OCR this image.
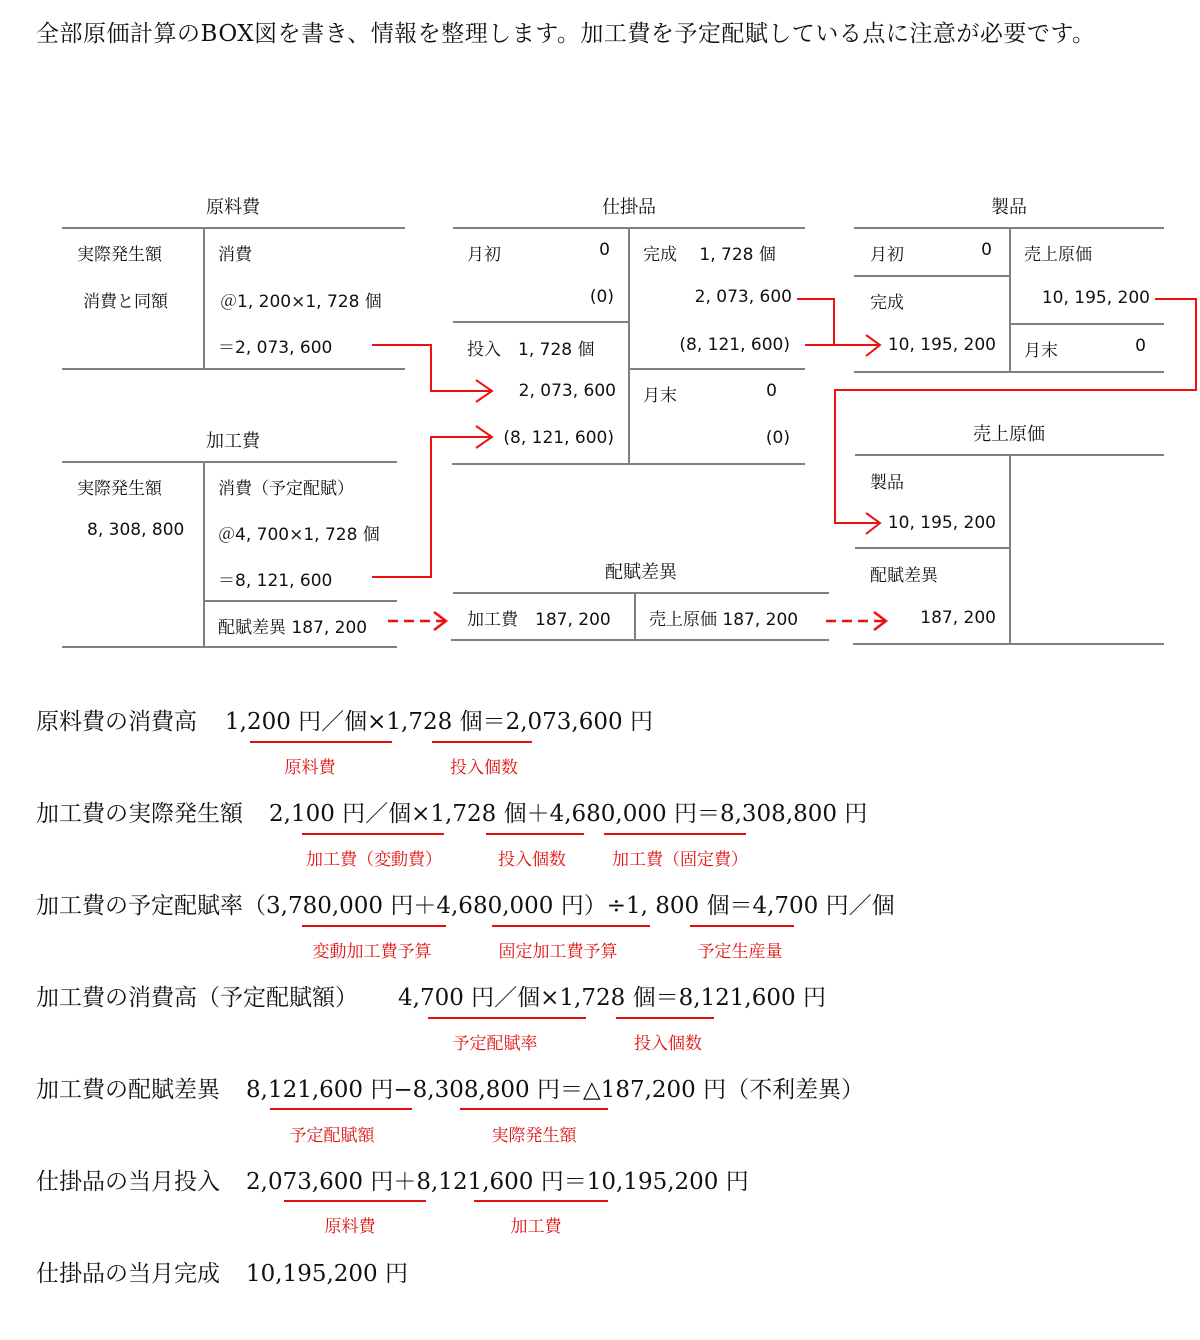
全部原価計算のBOX図を書き、情報を整理します。加工費を予定配賦している点に注意が必要です。
原料費
実際発生額
消費と同額
消費
＠1, 200×1, 728 個
＝2, 073, 600
加工費
実際発生額
8, 308, 800
消費（予定配賦）
＠4, 700×1, 728 個
＝8, 121, 600
配賦差異 187, 200
仕掛品
月初	0
(0)
投入　1, 728 個
2, 073, 600
(8, 121, 600)
完成　 1, 728 個
2, 073, 600
(8, 121, 600)
月末	0
(0)
配賦差異
加工費　187, 200 売上原価 187, 200
製品
月初	0
完成
10, 195, 200
売上原価
10, 195, 200
月末	0
売上原価
製品
10, 195, 200
配賦差異
187, 200
原料費の消費高 1,200 円／個×1,728 個＝2,073,600 円
原料費	投入個数
加工費の実際発生額 2,100 円／個×1,728 個＋4,680,000 円＝8,308,800 円
加工費（変動費）	投入個数	加工費（固定費）
加工費の予定配賦率（3,780,000 円＋4,680,000 円）÷1, 800 個＝4,700 円／個
変動加工費予算	固定加工費予算	予定生産量
加工費の消費高（予定配賦額） 4,700 円／個×1,728 個＝8,121,600 円
予定配賦率	投入個数
加工費の配賦差異 8,121,600 円−8,308,800 円＝△187,200 円（不利差異）
予定配賦額	実際発生額
仕掛品の当月投入 2,073,600 円＋8,121,600 円＝10,195,200 円
原料費	加工費
仕掛品の当月完成 10,195,200 円
